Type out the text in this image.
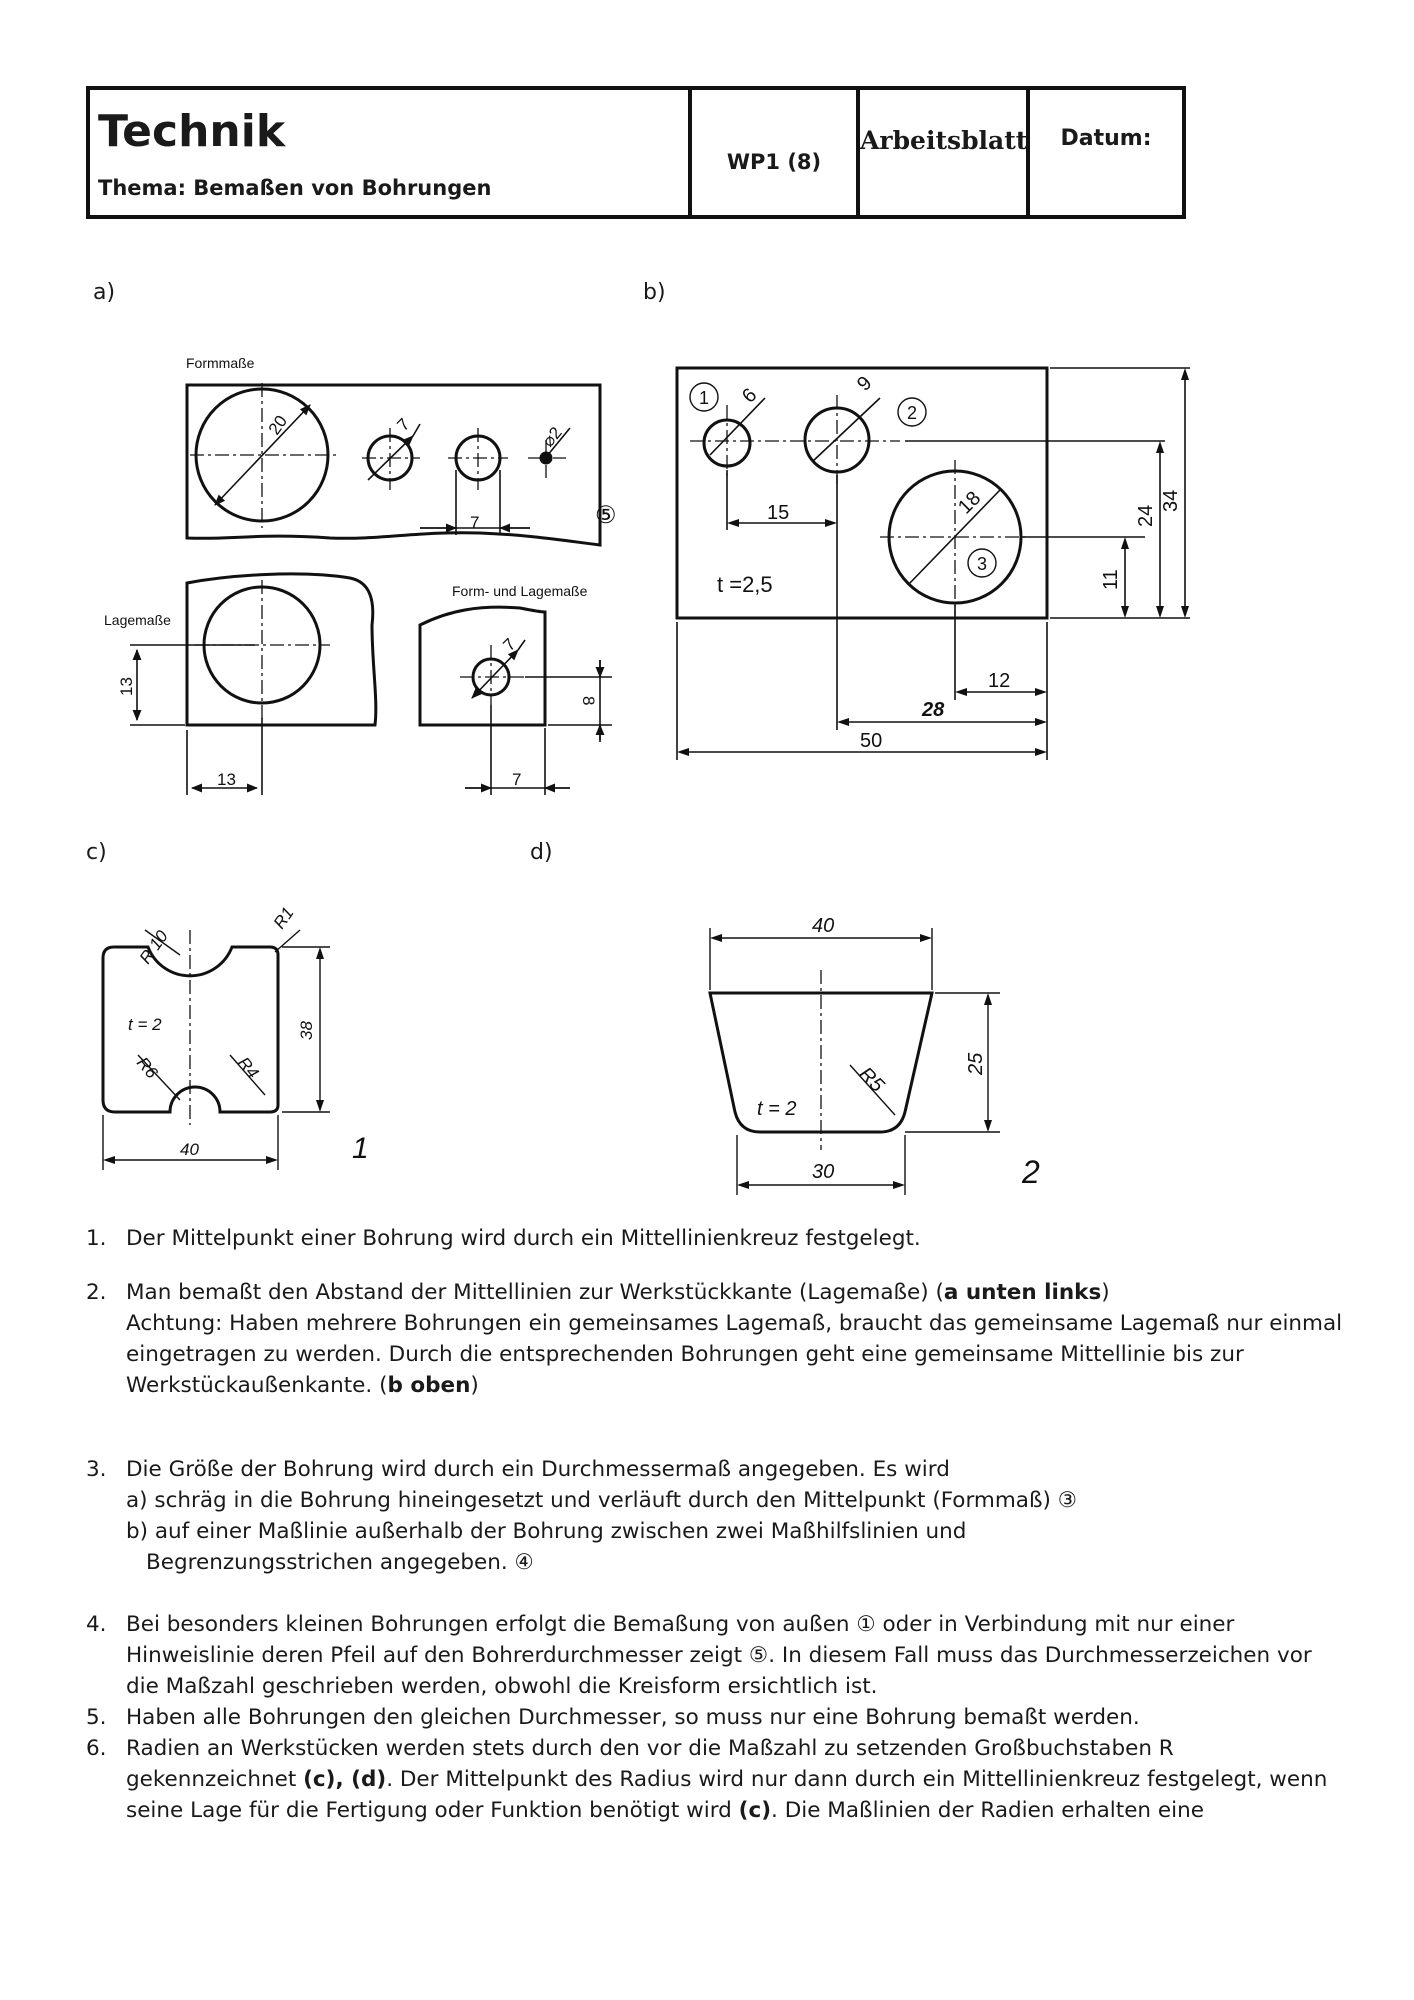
Technik
Thema: Bemaßen von Bohrungen
WP1 (8)
Arbeitsblatt	Datum:
a)	b)
c)	d)
Formmaße
20	7	⌀2
7	⑤
Lagemaße
13
13
Form- und Lagemaße
7
8
7
1
2
3
6
9
18
15
t =2,5	11
24
34
12
28
50
R 10
R1
t = 2
R6	R4
38
40	1
40
25
R5
t = 2
30	2
1. Der Mittelpunkt einer Bohrung wird durch ein Mittellinienkreuz festgelegt.
2. Man bemaßt den Abstand der Mittellinien zur Werkstückkante (Lagemaße) (a unten links)
Achtung: Haben mehrere Bohrungen ein gemeinsames Lagemaß, braucht das gemeinsame Lagemaß nur einmal eingetragen zu werden. Durch die entsprechenden Bohrungen geht eine gemeinsame Mittellinie bis zur Werkstückaußenkante. (b oben)
3. Die Größe der Bohrung wird durch ein Durchmessermaß angegeben. Es wird
a) schräg in die Bohrung hineingesetzt und verläuft durch den Mittelpunkt (Formmaß) ③
b) auf einer Maßlinie außerhalb der Bohrung zwischen zwei Maßhilfslinien und
Begrenzungsstrichen angegeben. ④
4. Bei besonders kleinen Bohrungen erfolgt die Bemaßung von außen ① oder in Verbindung mit nur einer Hinweislinie deren Pfeil auf den Bohrerdurchmesser zeigt ⑤. In diesem Fall muss das Durchmesserzeichen vor die Maßzahl geschrieben werden, obwohl die Kreisform ersichtlich ist.
5. Haben alle Bohrungen den gleichen Durchmesser, so muss nur eine Bohrung bemaßt werden.
6. Radien an Werkstücken werden stets durch den vor die Maßzahl zu setzenden Großbuchstaben R gekennzeichnet (c), (d). Der Mittelpunkt des Radius wird nur dann durch ein Mittellinienkreuz festgelegt, wenn seine Lage für die Fertigung oder Funktion benötigt wird (c). Die Maßlinien der Radien erhalten eine
